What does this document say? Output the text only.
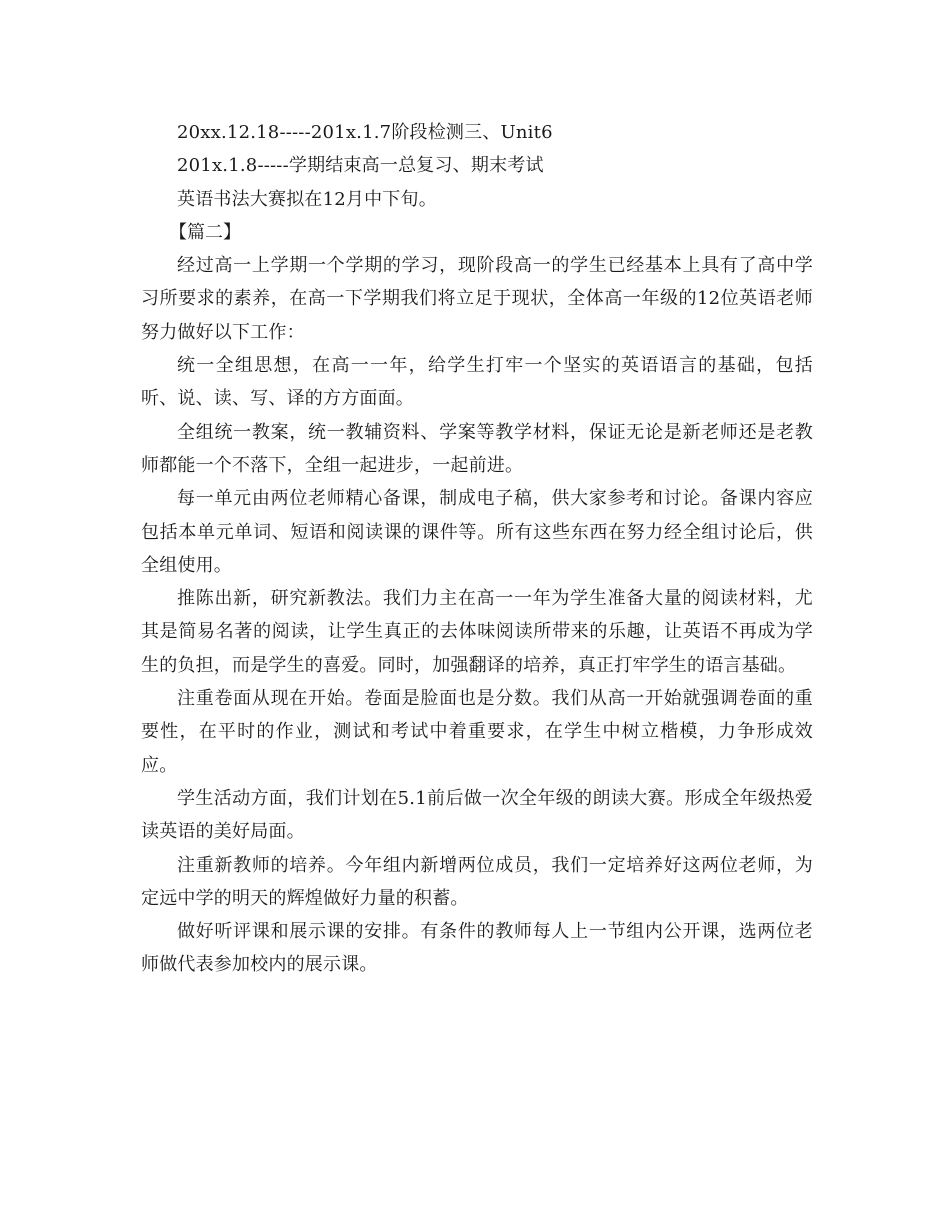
20xx.12.18-----201x.1.7阶段检测三、Unit6

201x.1.8-----学期结束高一总复习、期末考试

英语书法大赛拟在12月中下旬。

【篇二】

经过高一上学期一个学期的学习，现阶段高一的学生已经基本上具有了高中学习所要求的素养，在高一下学期我们将立足于现状，全体高一年级的12位英语老师努力做好以下工作：

统一全组思想，在高一一年，给学生打牢一个坚实的英语语言的基础，包括听、说、读、写、译的方方面面。

全组统一教案，统一教辅资料、学案等教学材料，保证无论是新老师还是老教师都能一个不落下，全组一起进步，一起前进。

每一单元由两位老师精心备课，制成电子稿，供大家参考和讨论。备课内容应包括本单元单词、短语和阅读课的课件等。所有这些东西在努力经全组讨论后，供全组使用。

推陈出新，研究新教法。我们力主在高一一年为学生准备大量的阅读材料，尤其是简易名著的阅读，让学生真正的去体味阅读所带来的乐趣，让英语不再成为学生的负担，而是学生的喜爱。同时，加强翻译的培养，真正打牢学生的语言基础。

注重卷面从现在开始。卷面是脸面也是分数。我们从高一开始就强调卷面的重要性，在平时的作业，测试和考试中着重要求，在学生中树立楷模，力争形成效应。

学生活动方面，我们计划在5.1前后做一次全年级的朗读大赛。形成全年级热爱读英语的美好局面。

注重新教师的培养。今年组内新增两位成员，我们一定培养好这两位老师，为定远中学的明天的辉煌做好力量的积蓄。

做好听评课和展示课的安排。有条件的教师每人上一节组内公开课，选两位老师做代表参加校内的展示课。
